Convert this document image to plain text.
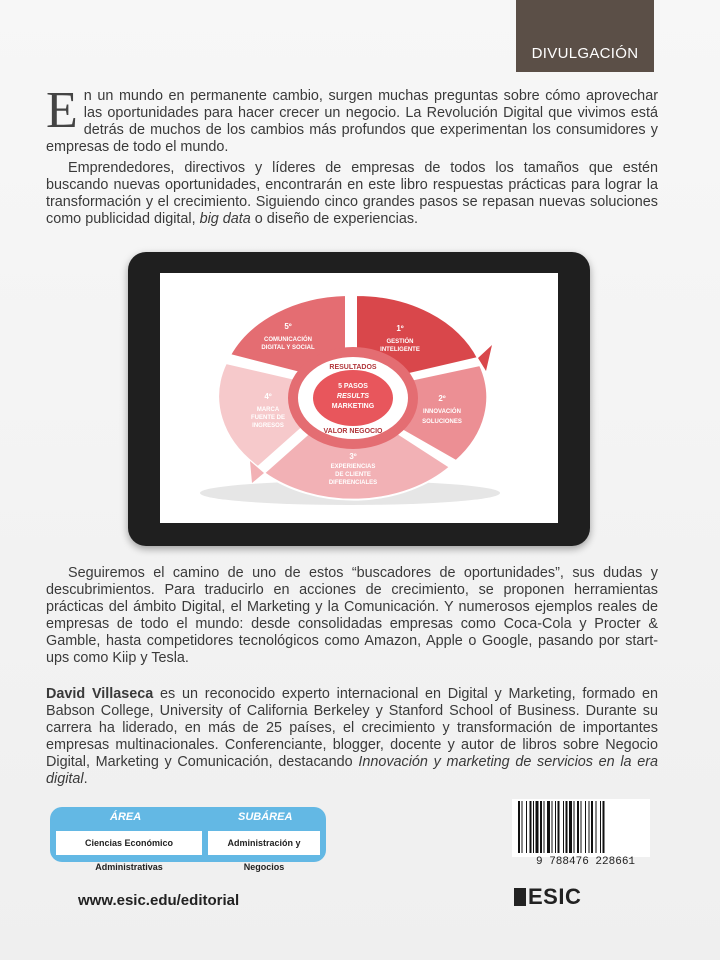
DIVULGACIÓN

En un mundo en permanente cambio, surgen muchas preguntas sobre cómo aprovechar las oportunidades para hacer crecer un negocio. La Revolución Digital que vivimos está detrás de muchos de los cambios más profundos que experimentan los consumidores y empresas de todo el mundo.

Emprendedores, directivos y líderes de empresas de todos los tamaños que estén buscando nuevas oportunidades, encontrarán en este libro respuestas prácticas para lograr la transformación y el crecimiento. Siguiendo cinco grandes pasos se repasan nuevas soluciones como publicidad digital, big data o diseño de experiencias.

RESULTADOS
5 PASOS
RESULTS
MARKETING
VALOR NEGOCIO
1º
GESTIÓN
INTELIGENTE
2º
INNOVACIÓN
SOLUCIONES
3º
EXPERIENCIAS
DE CLIENTE
DIFERENCIALES
4º
MARCA
FUENTE DE
INGRESOS
5º
COMUNICACIÓN
DIGITAL Y SOCIAL

Seguiremos el camino de uno de estos “buscadores de oportunidades”, sus dudas y descubrimientos. Para traducirlo en acciones de crecimiento, se proponen herramientas prácticas del ámbito Digital, el Marketing y la Comunicación. Y numerosos ejemplos reales de empresas de todo el mundo: desde consolidadas empresas como Coca-Cola y Procter & Gamble, hasta competidores tecnológicos como Amazon, Apple o Google, pasando por start-ups como Kiip y Tesla.

David Villaseca es un reconocido experto internacional en Digital y Marketing, formado en Babson College, University of California Berkeley y Stanford School of Business. Durante su carrera ha liderado, en más de 25 países, el crecimiento y transformación de importantes empresas multinacionales. Conferenciante, blogger, docente y autor de libros sobre Negocio Digital, Marketing y Comunicación, destacando Innovación y marketing de servicios en la era digital.

ÁREA	SUBÁREA
Ciencias Económico Administrativas
Administración y Negocios
www.esic.edu/editorial
9 788476 228661
ESIC
